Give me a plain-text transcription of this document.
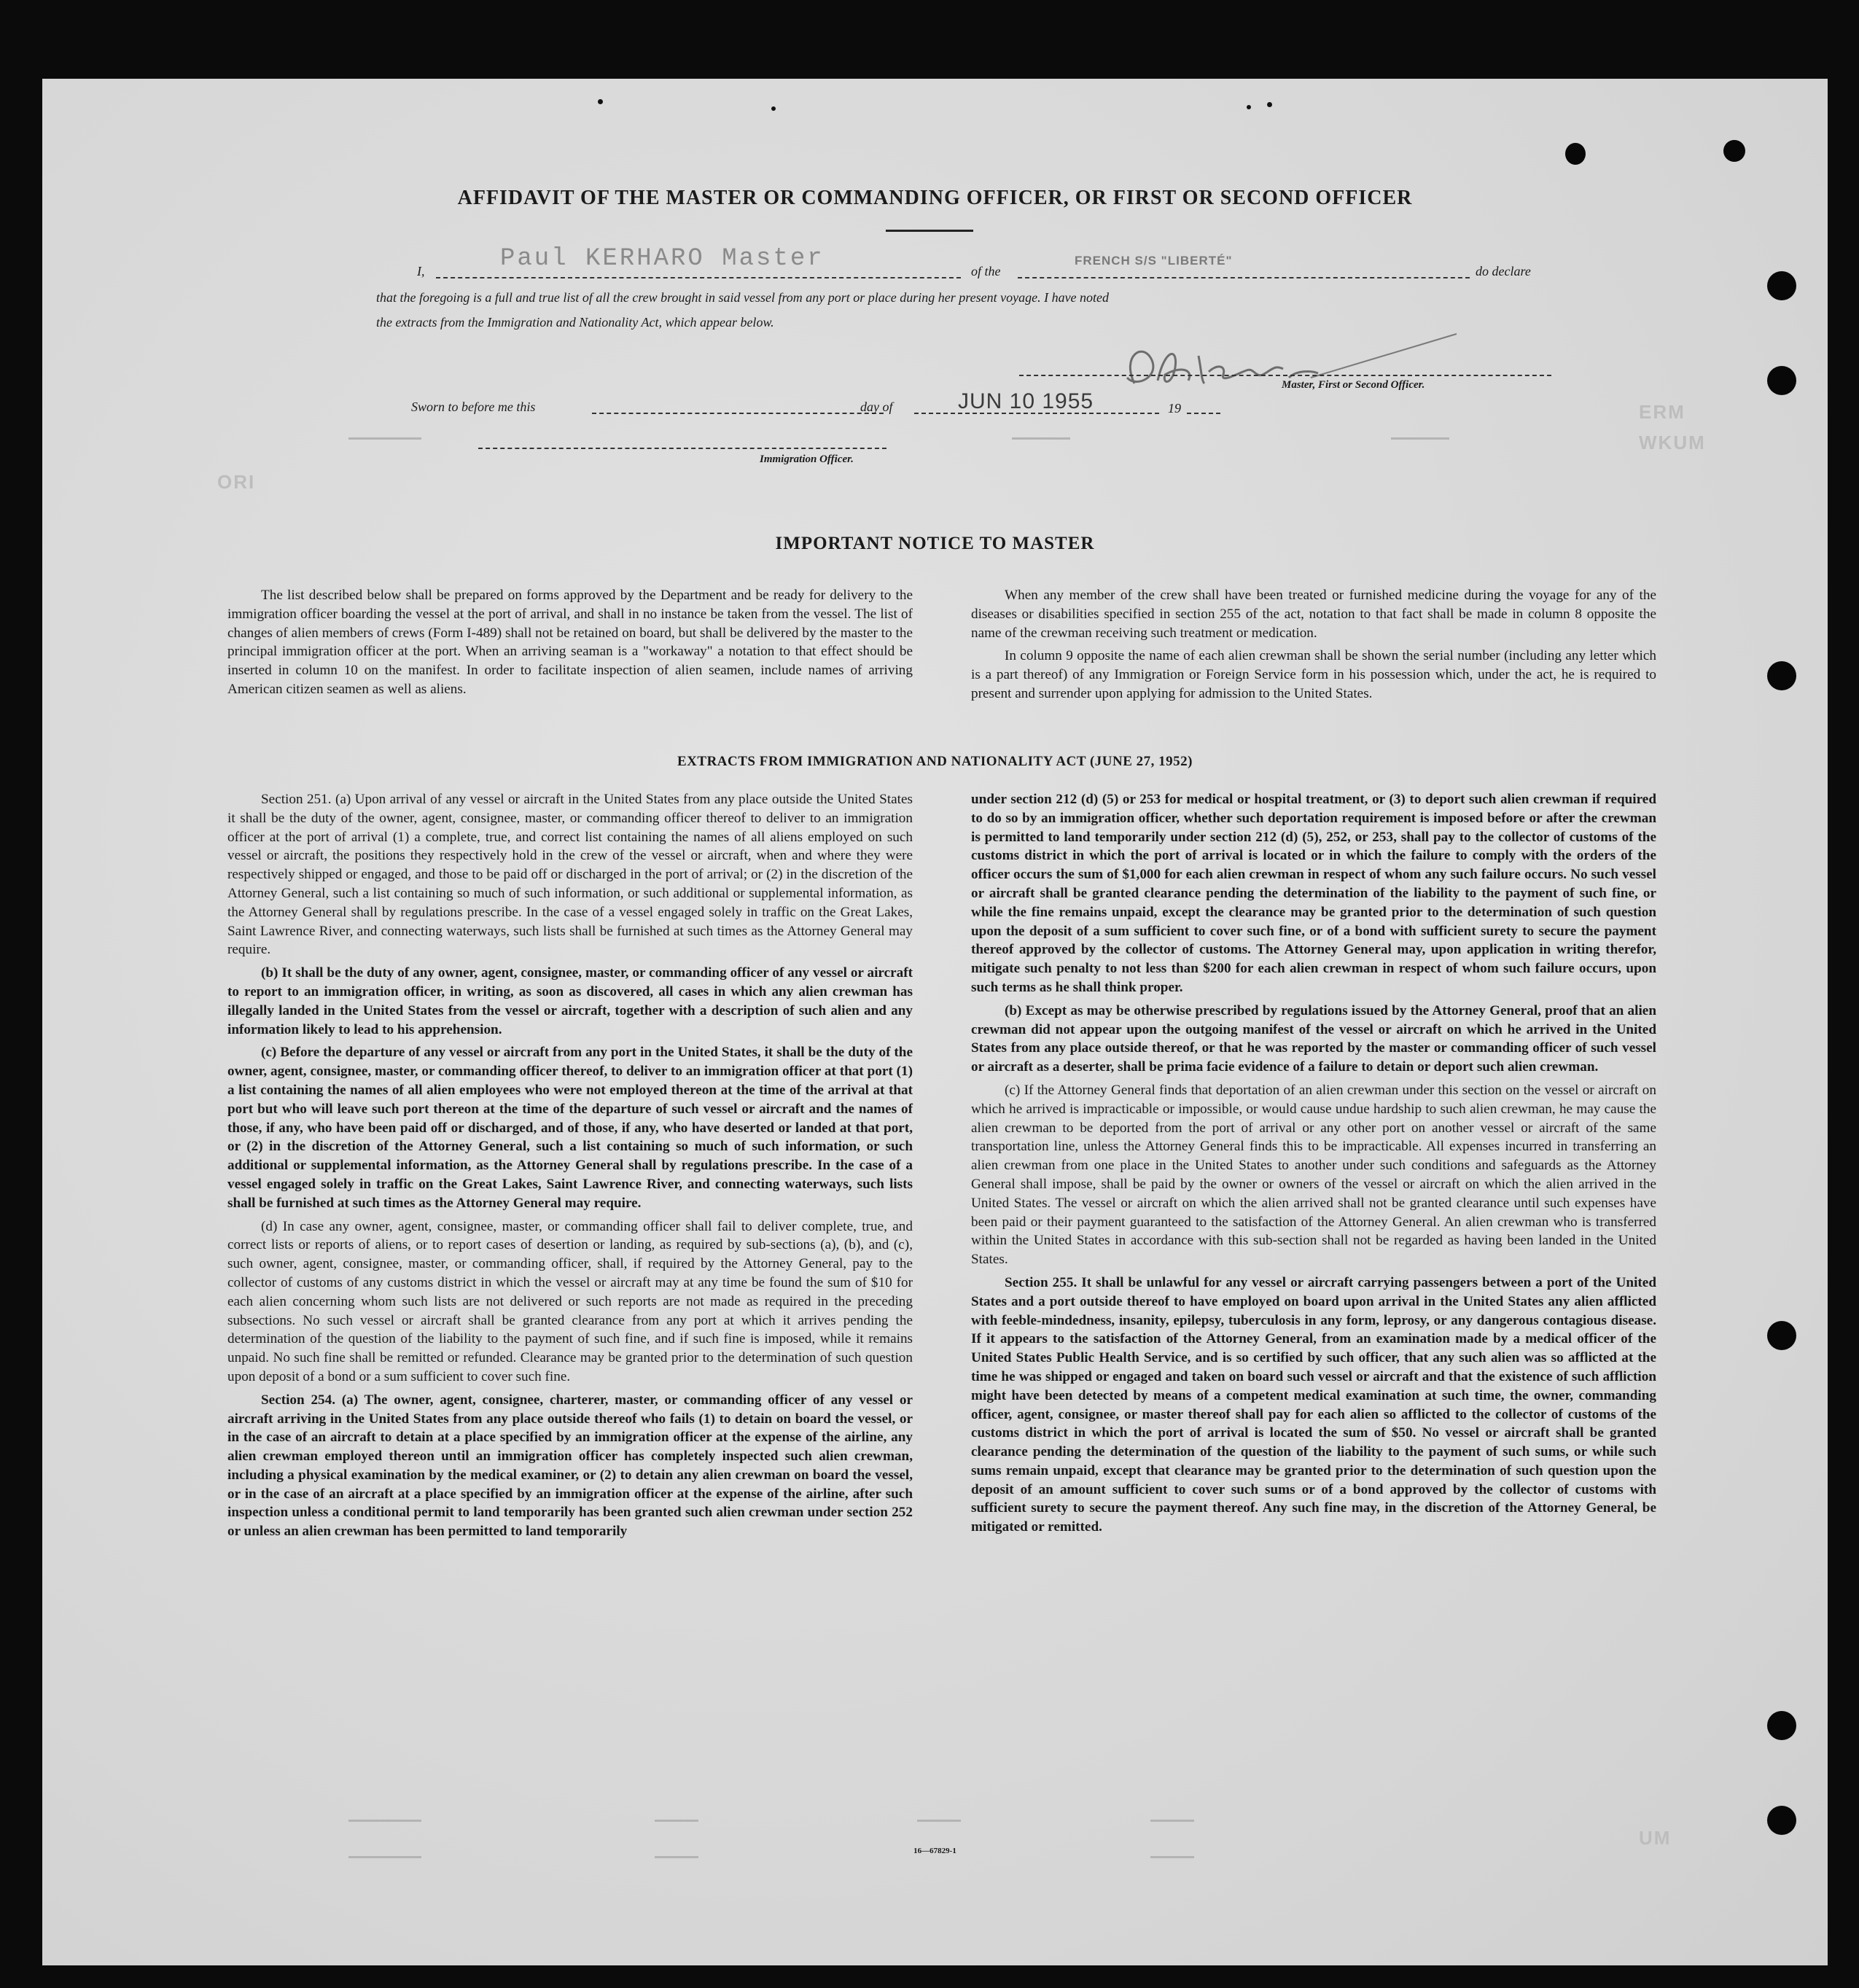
ERM
WKUM
UM
ORI
AFFIDAVIT OF THE MASTER OR COMMANDING OFFICER, OR FIRST OR SECOND OFFICER
I,	Paul KERHARO Master	of the
FRENCH S/S "LIBERTÉ"
do declare
that the foregoing is a full and true list of all the crew brought in said vessel from any port or place during her present voyage. I have noted
the extracts from the Immigration and Nationality Act, which appear below.
Master, First or Second Officer.
Sworn to before me this	day of	JUN 10 1955	19
Immigration Officer.
IMPORTANT NOTICE TO MASTER

The list described below shall be prepared on forms approved by the Department and be ready for delivery to the immigration officer boarding the vessel at the port of arrival, and shall in no instance be taken from the vessel. The list of changes of alien members of crews (Form I-489) shall not be retained on board, but shall be delivered by the master to the principal immigration officer at the port. When an arriving seaman is a "workaway" a notation to that effect should be inserted in column 10 on the manifest. In order to facilitate inspection of alien seamen, include names of arriving American citizen seamen as well as aliens.

When any member of the crew shall have been treated or furnished medicine during the voyage for any of the diseases or disabilities specified in section 255 of the act, notation to that fact shall be made in column 8 opposite the name of the crewman receiving such treatment or medication.

In column 9 opposite the name of each alien crewman shall be shown the serial number (including any letter which is a part thereof) of any Immigration or Foreign Service form in his possession which, under the act, he is required to present and surrender upon applying for admission to the United States.

EXTRACTS FROM IMMIGRATION AND NATIONALITY ACT (JUNE 27, 1952)

Section 251. (a) Upon arrival of any vessel or aircraft in the United States from any place outside the United States it shall be the duty of the owner, agent, consignee, master, or commanding officer thereof to deliver to an immigration officer at the port of arrival (1) a complete, true, and correct list containing the names of all aliens employed on such vessel or aircraft, the positions they respectively hold in the crew of the vessel or aircraft, when and where they were respectively shipped or engaged, and those to be paid off or discharged in the port of arrival; or (2) in the discretion of the Attorney General, such a list containing so much of such information, or such additional or supplemental information, as the Attorney General shall by regulations prescribe. In the case of a vessel engaged solely in traffic on the Great Lakes, Saint Lawrence River, and connecting waterways, such lists shall be furnished at such times as the Attorney General may require.

(b) It shall be the duty of any owner, agent, consignee, master, or commanding officer of any vessel or aircraft to report to an immigration officer, in writing, as soon as discovered, all cases in which any alien crewman has illegally landed in the United States from the vessel or aircraft, together with a description of such alien and any information likely to lead to his apprehension.

(c) Before the departure of any vessel or aircraft from any port in the United States, it shall be the duty of the owner, agent, consignee, master, or commanding officer thereof, to deliver to an immigration officer at that port (1) a list containing the names of all alien employees who were not employed thereon at the time of the arrival at that port but who will leave such port thereon at the time of the departure of such vessel or aircraft and the names of those, if any, who have been paid off or discharged, and of those, if any, who have deserted or landed at that port, or (2) in the discretion of the Attorney General, such a list containing so much of such information, or such additional or supplemental information, as the Attorney General shall by regulations prescribe. In the case of a vessel engaged solely in traffic on the Great Lakes, Saint Lawrence River, and connecting waterways, such lists shall be furnished at such times as the Attorney General may require.

(d) In case any owner, agent, consignee, master, or commanding officer shall fail to deliver complete, true, and correct lists or reports of aliens, or to report cases of desertion or landing, as required by sub-sections (a), (b), and (c), such owner, agent, consignee, master, or commanding officer, shall, if required by the Attorney General, pay to the collector of customs of any customs district in which the vessel or aircraft may at any time be found the sum of $10 for each alien concerning whom such lists are not delivered or such reports are not made as required in the preceding subsections. No such vessel or aircraft shall be granted clearance from any port at which it arrives pending the determination of the question of the liability to the payment of such fine, and if such fine is imposed, while it remains unpaid. No such fine shall be remitted or refunded. Clearance may be granted prior to the determination of such question upon deposit of a bond or a sum sufficient to cover such fine.

Section 254. (a) The owner, agent, consignee, charterer, master, or commanding officer of any vessel or aircraft arriving in the United States from any place outside thereof who fails (1) to detain on board the vessel, or in the case of an aircraft to detain at a place specified by an immigration officer at the expense of the airline, any alien crewman employed thereon until an immigration officer has completely inspected such alien crewman, including a physical examination by the medical examiner, or (2) to detain any alien crewman on board the vessel, or in the case of an aircraft at a place specified by an immigration officer at the expense of the airline, after such inspection unless a conditional permit to land temporarily has been granted such alien crewman under section 252 or unless an alien crewman has been permitted to land temporarily

under section 212 (d) (5) or 253 for medical or hospital treatment, or (3) to deport such alien crewman if required to do so by an immigration officer, whether such deportation requirement is imposed before or after the crewman is permitted to land temporarily under section 212 (d) (5), 252, or 253, shall pay to the collector of customs of the customs district in which the port of arrival is located or in which the failure to comply with the orders of the officer occurs the sum of $1,000 for each alien crewman in respect of whom any such failure occurs. No such vessel or aircraft shall be granted clearance pending the determination of the liability to the payment of such fine, or while the fine remains unpaid, except the clearance may be granted prior to the determination of such question upon the deposit of a sum sufficient to cover such fine, or of a bond with sufficient surety to secure the payment thereof approved by the collector of customs. The Attorney General may, upon application in writing therefor, mitigate such penalty to not less than $200 for each alien crewman in respect of whom such failure occurs, upon such terms as he shall think proper.

(b) Except as may be otherwise prescribed by regulations issued by the Attorney General, proof that an alien crewman did not appear upon the outgoing manifest of the vessel or aircraft on which he arrived in the United States from any place outside thereof, or that he was reported by the master or commanding officer of such vessel or aircraft as a deserter, shall be prima facie evidence of a failure to detain or deport such alien crewman.

(c) If the Attorney General finds that deportation of an alien crewman under this section on the vessel or aircraft on which he arrived is impracticable or impossible, or would cause undue hardship to such alien crewman, he may cause the alien crewman to be deported from the port of arrival or any other port on another vessel or aircraft of the same transportation line, unless the Attorney General finds this to be impracticable. All expenses incurred in transferring an alien crewman from one place in the United States to another under such conditions and safeguards as the Attorney General shall impose, shall be paid by the owner or owners of the vessel or aircraft on which the alien arrived in the United States. The vessel or aircraft on which the alien arrived shall not be granted clearance until such expenses have been paid or their payment guaranteed to the satisfaction of the Attorney General. An alien crewman who is transferred within the United States in accordance with this sub-section shall not be regarded as having been landed in the United States.

Section 255. It shall be unlawful for any vessel or aircraft carrying passengers between a port of the United States and a port outside thereof to have employed on board upon arrival in the United States any alien afflicted with feeble-mindedness, insanity, epilepsy, tuberculosis in any form, leprosy, or any dangerous contagious disease. If it appears to the satisfaction of the Attorney General, from an examination made by a medical officer of the United States Public Health Service, and is so certified by such officer, that any such alien was so afflicted at the time he was shipped or engaged and taken on board such vessel or aircraft and that the existence of such affliction might have been detected by means of a competent medical examination at such time, the owner, commanding officer, agent, consignee, or master thereof shall pay for each alien so afflicted to the collector of customs of the customs district in which the port of arrival is located the sum of $50. No vessel or aircraft shall be granted clearance pending the determination of the question of the liability to the payment of such sums, or while such sums remain unpaid, except that clearance may be granted prior to the determination of such question upon the deposit of an amount sufficient to cover such sums or of a bond approved by the collector of customs with sufficient surety to secure the payment thereof. Any such fine may, in the discretion of the Attorney General, be mitigated or remitted.

16—67829-1
